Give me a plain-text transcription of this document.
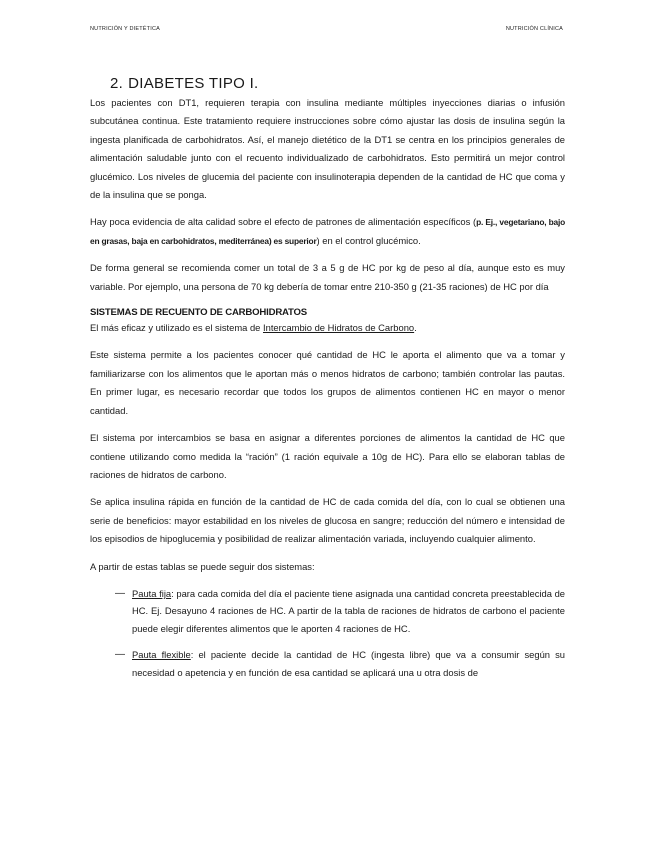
NUTRICIÓN Y DIETÉTICA	NUTRICIÓN CLÍNICA
2. DIABETES TIPO I.

Los pacientes con DT1, requieren terapia con insulina mediante múltiples inyecciones diarias o infusión subcutánea continua. Este tratamiento requiere instrucciones sobre cómo ajustar las dosis de insulina según la ingesta planificada de carbohidratos. Así, el manejo dietético de la DT1 se centra en los principios generales de alimentación saludable junto con el recuento individualizado de carbohidratos. Esto permitirá un mejor control glucémico. Los niveles de glucemia del paciente con insulinoterapia dependen de la cantidad de HC que coma y de la insulina que se ponga.

Hay poca evidencia de alta calidad sobre el efecto de patrones de alimentación específicos (p. Ej., vegetariano, bajo en grasas, baja en carbohidratos, mediterránea) es superior) en el control glucémico.

De forma general se recomienda comer un total de 3 a 5 g de HC por kg de peso al día, aunque esto es muy variable. Por ejemplo, una persona de 70 kg debería de tomar entre 210-350 g (21-35 raciones) de HC por día

SISTEMAS DE RECUENTO DE CARBOHIDRATOS

El más eficaz y utilizado es el sistema de Intercambio de Hidratos de Carbono.

Este sistema permite a los pacientes conocer qué cantidad de HC le aporta el alimento que va a tomar y familiarizarse con los alimentos que le aportan más o menos hidratos de carbono; también controlar las pautas. En primer lugar, es necesario recordar que todos los grupos de alimentos contienen HC en mayor o menor cantidad.

El sistema por intercambios se basa en asignar a diferentes porciones de alimentos la cantidad de HC que contiene utilizando como medida la “ración” (1 ración equivale a 10g de HC). Para ello se elaboran tablas de raciones de hidratos de carbono.

Se aplica insulina rápida en función de la cantidad de HC de cada comida del día, con lo cual se obtienen una serie de beneficios: mayor estabilidad en los niveles de glucosa en sangre; reducción del número e intensidad de los episodios de hipoglucemia y posibilidad de realizar alimentación variada, incluyendo cualquier alimento.

A partir de estas tablas se puede seguir dos sistemas:

— Pauta fija: para cada comida del día el paciente tiene asignada una cantidad concreta preestablecida de HC. Ej. Desayuno 4 raciones de HC. A partir de la tabla de raciones de hidratos de carbono el paciente puede elegir diferentes alimentos que le aporten 4 raciones de HC.
— Pauta flexible: el paciente decide la cantidad de HC (ingesta libre) que va a consumir según su necesidad o apetencia y en función de esa cantidad se aplicará una u otra dosis de
